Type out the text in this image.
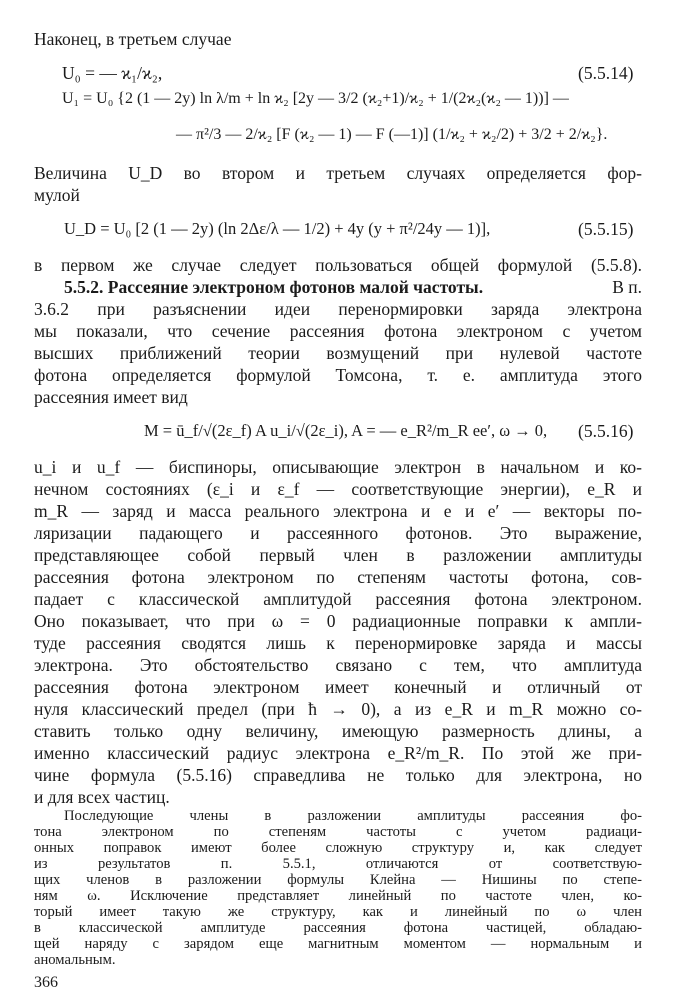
Наконец, в третьем случае
U₀ = — ϰ₁/ϰ₂,	(5.5.14)
U₁ = U₀ {2 (1 — 2y) ln λ/m + ln ϰ₂ [2y — 3/2 (ϰ₂+1)/ϰ₂ + 1/(2ϰ₂(ϰ₂ — 1))] —
— π²/3 — 2/ϰ₂ [F (ϰ₂ — 1) — F (—1)] (1/ϰ₂ + ϰ₂/2) + 3/2 + 2/ϰ₂}.
Величина U_D во втором и третьем случаях определяется фор-
мулой
U_D = U₀ [2 (1 — 2y) (ln 2Δε/λ — 1/2) + 4y (y + π²/24y — 1)],	(5.5.15)
в первом же случае следует пользоваться общей формулой (5.5.8).
5.5.2. Рассеяние электроном фотонов малой частоты.	В п.
3.6.2 при разъяснении идеи перенормировки заряда электрона
мы показали, что сечение рассеяния фотона электроном с учетом
высших приближений теории возмущений при нулевой частоте
фотона определяется формулой Томсона, т. е. амплитуда этого
рассеяния имеет вид
M = ū_f/√(2ε_f) A u_i/√(2ε_i), A = — e_R²/m_R ee′, ω → 0, (5.5.16)
u_i и u_f — биспиноры, описывающие электрон в начальном и ко-
нечном состояниях (ε_i и ε_f — соответствующие энергии), e_R и
m_R — заряд и масса реального электрона и e и e′ — векторы по-
ляризации падающего и рассеянного фотонов. Это выражение,
представляющее собой первый член в разложении амплитуды
рассеяния фотона электроном по степеням частоты фотона, сов-
падает с классической амплитудой рассеяния фотона электроном.
Оно показывает, что при ω = 0 радиационные поправки к ампли-
туде рассеяния сводятся лишь к перенормировке заряда и массы
электрона. Это обстоятельство связано с тем, что амплитуда
рассеяния фотона электроном имеет конечный и отличный от
нуля классический предел (при ħ → 0), а из e_R и m_R можно со-
ставить только одну величину, имеющую размерность длины, а
именно классический радиус электрона e_R²/m_R. По этой же при-
чине формула (5.5.16) справедлива не только для электрона, но
и для всех частиц.
Последующие члены в разложении амплитуды рассеяния фо-
тона электроном по степеням частоты с учетом радиаци-
онных поправок имеют более сложную структуру и, как следует
из результатов п. 5.5.1, отличаются от соответствую-
щих членов в разложении формулы Клейна — Нишины по степе-
ням ω. Исключение представляет линейный по частоте член, ко-
торый имеет такую же структуру, как и линейный по ω член
в классической амплитуде рассеяния фотона частицей, обладаю-
366
щей наряду с зарядом еще магнитным моментом — нормальным и
аномальным.
